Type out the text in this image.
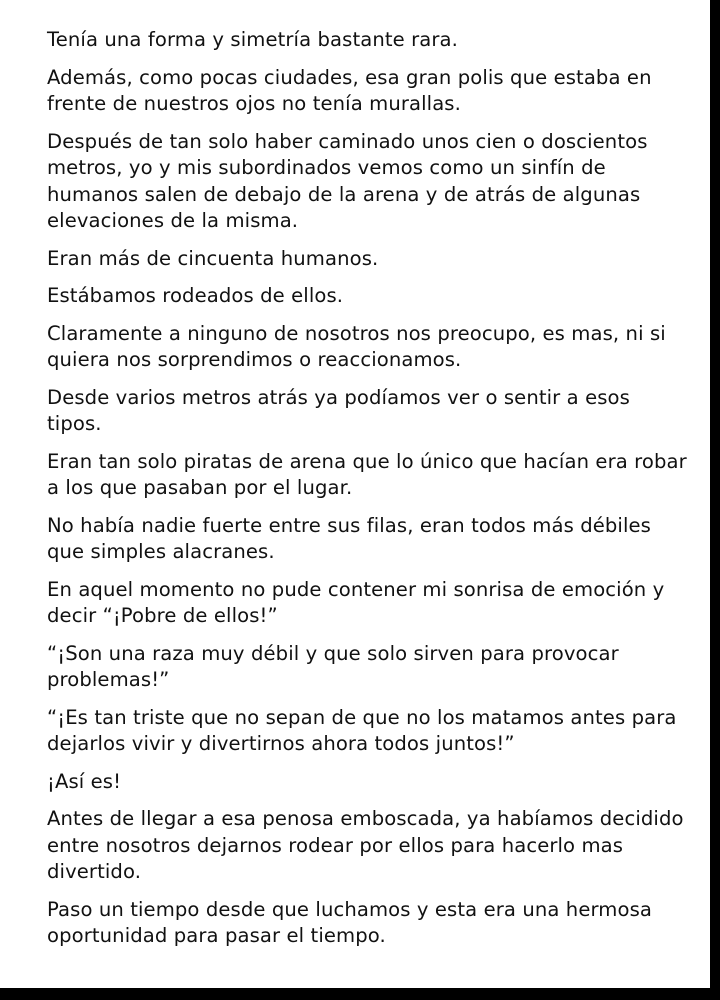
Tenía una forma y simetría bastante rara.

Además, como pocas ciudades, esa gran polis que estaba en frente de nuestros ojos no tenía murallas.

Después de tan solo haber caminado unos cien o doscientos metros, yo y mis subordinados vemos como un sinfín de humanos salen de debajo de la arena y de atrás de algunas elevaciones de la misma.

Eran más de cincuenta humanos.

Estábamos rodeados de ellos.

Claramente a ninguno de nosotros nos preocupo, es mas, ni si quiera nos sorprendimos o reaccionamos.

Desde varios metros atrás ya podíamos ver o sentir a esos tipos.

Eran tan solo piratas de arena que lo único que hacían era robar a los que pasaban por el lugar.

No había nadie fuerte entre sus filas, eran todos más débiles que simples alacranes.

En aquel momento no pude contener mi sonrisa de emoción y decir “¡Pobre de ellos!”

“¡Son una raza muy débil y que solo sirven para provocar problemas!”

“¡Es tan triste que no sepan de que no los matamos antes para dejarlos vivir y divertirnos ahora todos juntos!”

¡Así es!

Antes de llegar a esa penosa emboscada, ya habíamos decidido entre nosotros dejarnos rodear por ellos para hacerlo mas divertido.

Paso un tiempo desde que luchamos y esta era una hermosa oportunidad para pasar el tiempo.
